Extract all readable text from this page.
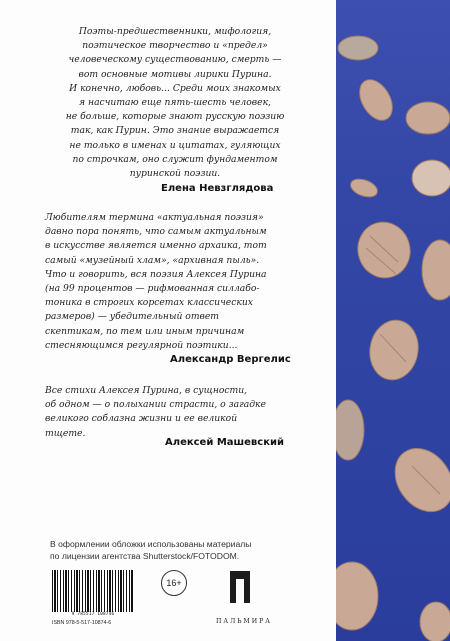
Поэты-предшественники, мифология,
поэтическое творчество и «предел»
человеческому существованию, смерть —
вот основные мотивы лирики Пурина.
И конечно, любовь... Среди моих знакомых
я насчитаю еще пять-шесть человек,
не больше, которые знают русскую поэзию
так, как Пурин. Это знание выражается
не только в именах и цитатах, гуляющих
по строчкам, оно служит фундаментом
пуринской поэзии.

Елена Невзглядова

Любителям термина «актуальная поэзия»
давно пора понять, что самым актуальным
в искусстве является именно архаика, тот
самый «музейный хлам», «архивная пыль».
Что и говорить, вся поэзия Алексея Пурина
(на 99 процентов — рифмованная силлабо-
тоника в строгих корсетах классических
размеров) — убедительный ответ
скептикам, по тем или иным причинам
стесняющимся регулярной поэтики...

Александр Вергелис

Все стихи Алексея Пурина, в сущности,
об одном — о полыхании страсти, о загадке
великого соблазна жизни и ее великой
тщете.

Алексей Машевский
В оформлении обложки использованы материалы
по лицензии агентства Shutterstock/FOTODOM.
9 785517 108746
ISBN 978-5-517-10874-6
16+
ПАЛЬМИРА
